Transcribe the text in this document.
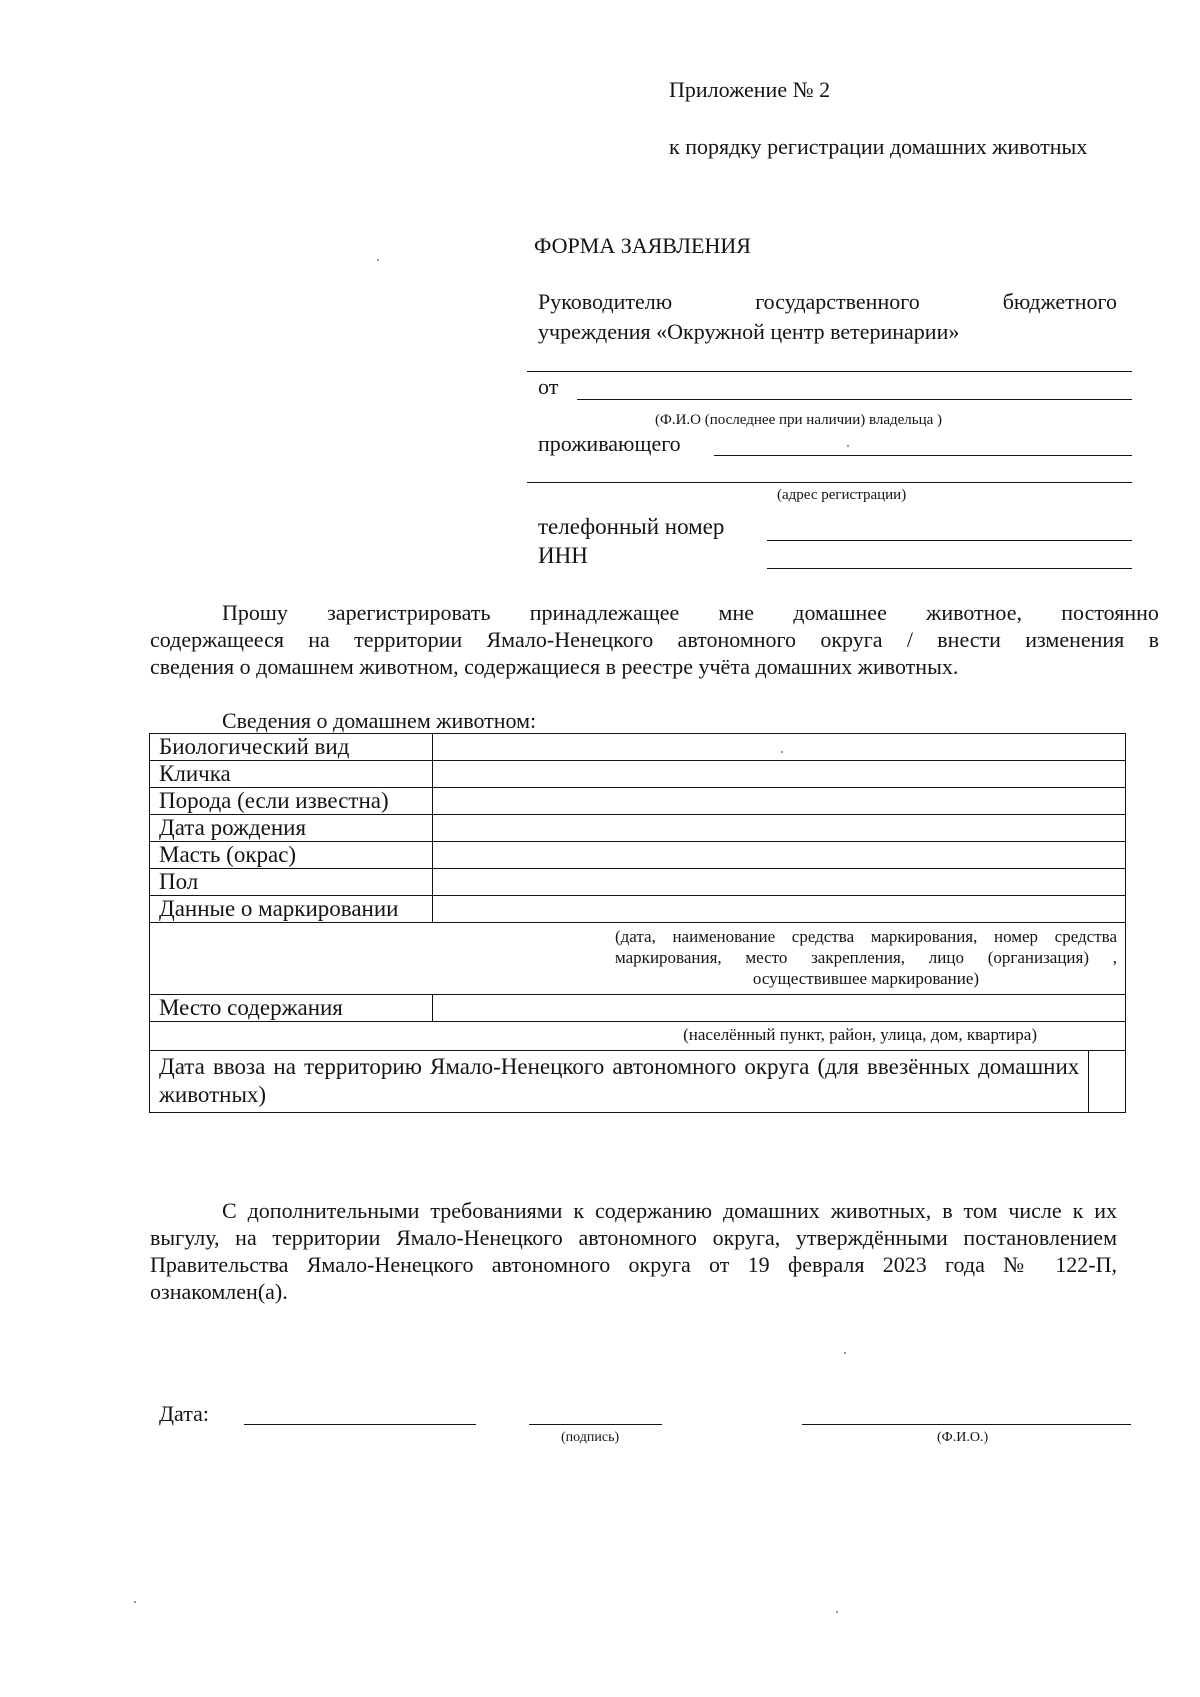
Приложение № 2
к порядку регистрации домашних животных
ФОРМА ЗАЯВЛЕНИЯ
Руководителю	государственного	бюджетного
учреждения «Окружной центр ветеринарии»
от
(Ф.И.О (последнее при наличии) владельца )
проживающего
(адрес регистрации)
телефонный номер
ИНН
Прошу зарегистрировать принадлежащее мне домашнее животное, постоянно
содержащееся на территории Ямало-Ненецкого автономного округа / внести изменения в
сведения о домашнем животном, содержащиеся в реестре учёта домашних животных.
Сведения о домашнем животном:
Биологический вид		
Кличка		
Порода (если известна)		
Дата рождения		
Масть (окрас)		
Пол		
Данные о маркировании		
(дата, наименование средства маркирования, номер средства маркирования, место закрепления, лицо (организация) , осуществившее маркирование)		
Место содержания		
(населённый пункт, район, улица, дом, квартира)		
Дата ввоза на территорию Ямало-Ненецкого автономного округа (для ввезённых домашних животных)		
С дополнительными требованиями к содержанию домашних животных, в том числе к их выгулу, на территории Ямало-Ненецкого автономного округа, утверждёнными постановлением Правительства Ямало-Ненецкого автономного округа от 19 февраля 2023 года № 122-П, ознакомлен(а).
Дата:
(подпись)	(Ф.И.О.)
